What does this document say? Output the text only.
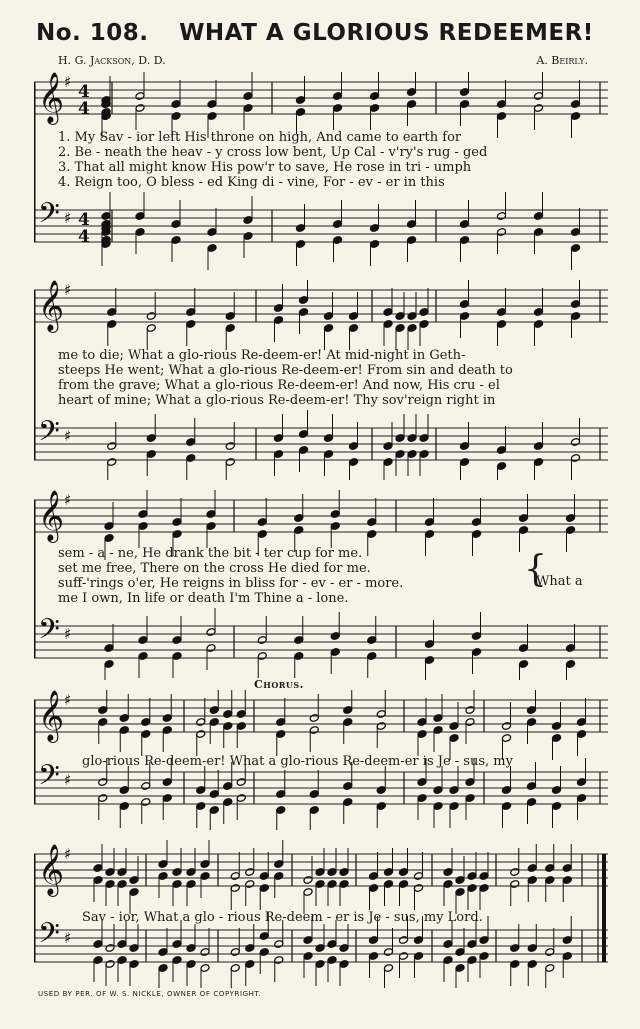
No. 108. WHAT A GLORIOUS REDEEMER!
H. G. Jackson, D. D.	A. Beirly.
𝄞 ♯ 4
4
𝄢 ♯ 4
4
1. My Sav - ior left His throne on high, And came to earth for
2. Be - neath the heav - y cross low bent, Up Cal - v'ry's rug - ged
3. That all might know His pow'r to save, He rose in tri - umph
4. Reign too, O bless - ed King di - vine, For - ev - er in this
𝄞 ♯
𝄢 ♯
me to die; What a glo-rious Re-deem-er! At mid-night in Geth-
steeps He went; What a glo-rious Re-deem-er! From sin and death to
from the grave; What a glo-rious Re-deem-er! And now, His cru - el
heart of mine; What a glo-rious Re-deem-er! Thy sov'reign right in
𝄞 ♯
𝄢 ♯
sem - a - ne, He drank the bit - ter cup for me.
set me free, There on the cross He died for me.
suff-'rings o'er, He reigns in bliss for - ev - er - more.
me I own, In life or death I'm Thine a - lone.
{
What a
Chorus.
𝄞 ♯
𝄢 ♯
glo-rious Re-deem-er! What a glo-rious Re-deem-er is Je - sus, my
𝄞 ♯
𝄢 ♯
Sav - ior, What a glo - rious Re-deem - er is Je - sus, my Lord.
USED BY PER. OF W. S. NICKLE, OWNER OF COPYRIGHT.
